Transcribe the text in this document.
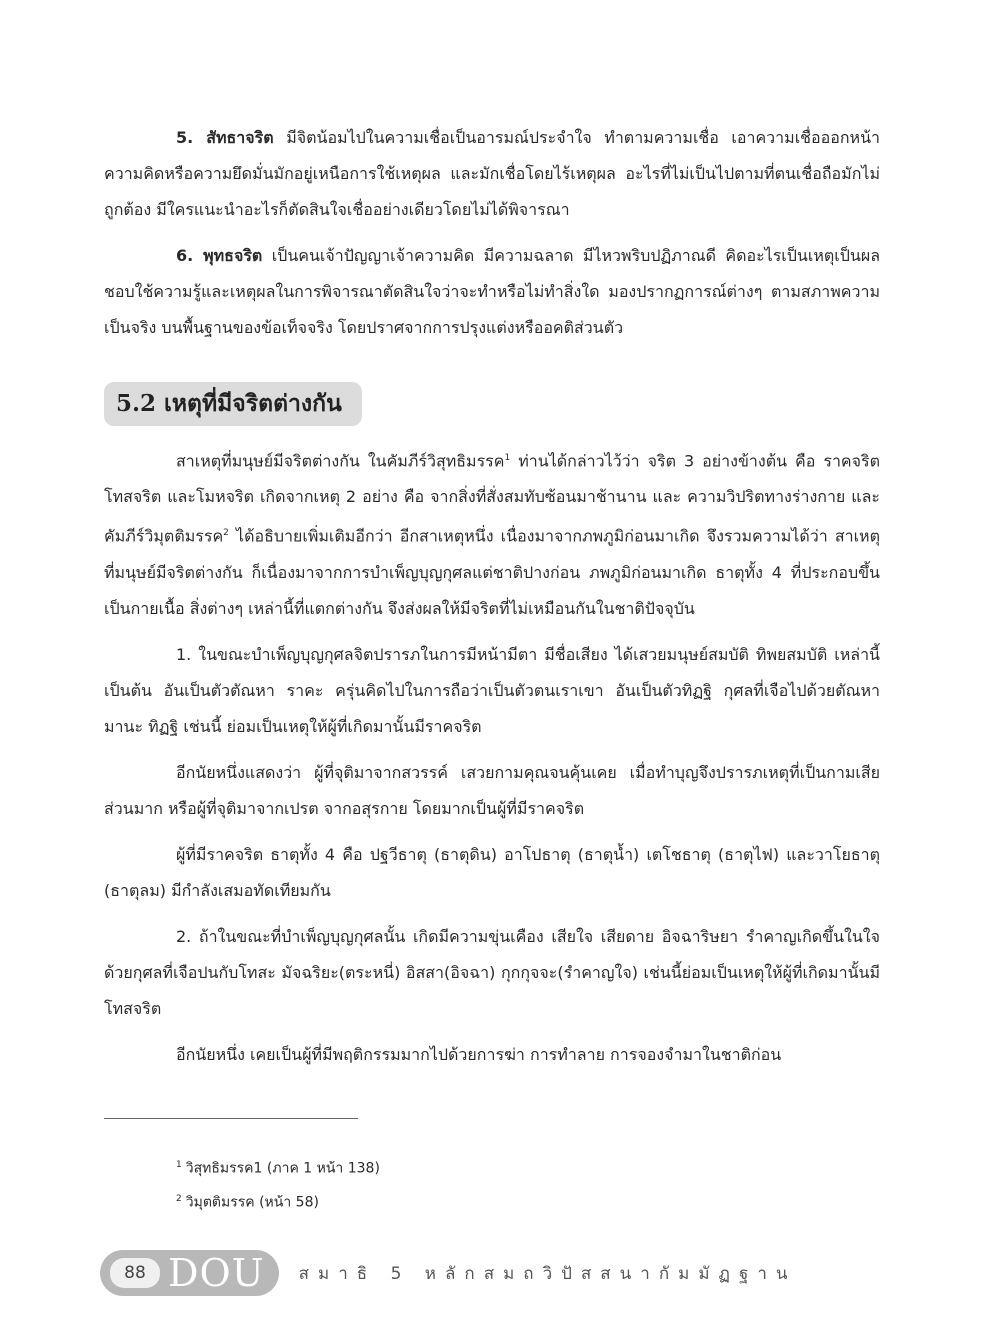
5. สัทธาจริต มีจิตน้อมไปในความเชื่อเป็นอารมณ์ประจำใจ ทำตามความเชื่อ เอาความเชื่อออกหน้า ความคิดหรือความยึดมั่นมักอยู่เหนือการใช้เหตุผล และมักเชื่อโดยไร้เหตุผล อะไรที่ไม่เป็นไปตามที่ตนเชื่อถือมักไม่ถูกต้อง มีใครแนะนำอะไรก็ตัดสินใจเชื่ออย่างเดียวโดยไม่ได้พิจารณา

6. พุทธจริต เป็นคนเจ้าปัญญาเจ้าความคิด มีความฉลาด มีไหวพริบปฏิภาณดี คิดอะไรเป็นเหตุเป็นผล ชอบใช้ความรู้และเหตุผลในการพิจารณาตัดสินใจว่าจะทำหรือไม่ทำสิ่งใด มองปรากฏการณ์ต่างๆ ตามสภาพความเป็นจริง บนพื้นฐานของข้อเท็จจริง โดยปราศจากการปรุงแต่งหรืออคติส่วนตัว

5.2 เหตุที่มีจริตต่างกัน

สาเหตุที่มนุษย์มีจริตต่างกัน ในคัมภีร์วิสุทธิมรรค$^1$ ท่านได้กล่าวไว้ว่า จริต 3 อย่างข้างต้น คือ ราคจริต โทสจริต และโมหจริต เกิดจากเหตุ 2 อย่าง คือ จากสิ่งที่สั่งสมทับซ้อนมาช้านาน และ ความวิปริตทางร่างกาย และคัมภีร์วิมุตติมรรค$^2$ ได้อธิบายเพิ่มเติมอีกว่า อีกสาเหตุหนึ่ง เนื่องมาจากภพภูมิก่อนมาเกิด จึงรวมความได้ว่า สาเหตุที่มนุษย์มีจริตต่างกัน ก็เนื่องมาจากการบำเพ็ญบุญกุศลแต่ชาติปางก่อน ภพภูมิก่อนมาเกิด ธาตุทั้ง 4 ที่ประกอบขึ้นเป็นกายเนื้อ สิ่งต่างๆ เหล่านี้ที่แตกต่างกัน จึงส่งผลให้มีจริตที่ไม่เหมือนกันในชาติปัจจุบัน

1. ในขณะบำเพ็ญบุญกุศลจิตปรารภในการมีหน้ามีตา มีชื่อเสียง ได้เสวยมนุษย์สมบัติ ทิพยสมบัติ เหล่านี้เป็นต้น อันเป็นตัวตัณหา ราคะ ครุ่นคิดไปในการถือว่าเป็นตัวตนเราเขา อันเป็นตัวทิฏฐิ กุศลที่เจือไปด้วยตัณหา มานะ ทิฏฐิ เช่นนี้ ย่อมเป็นเหตุให้ผู้ที่เกิดมานั้นมีราคจริต

อีกนัยหนึ่งแสดงว่า ผู้ที่จุติมาจากสวรรค์ เสวยกามคุณจนคุ้นเคย เมื่อทำบุญจึงปรารภเหตุที่เป็นกามเสียส่วนมาก หรือผู้ที่จุติมาจากเปรต จากอสุรกาย โดยมากเป็นผู้ที่มีราคจริต

ผู้ที่มีราคจริต ธาตุทั้ง 4 คือ ปฐวีธาตุ (ธาตุดิน) อาโปธาตุ (ธาตุน้ำ) เตโชธาตุ (ธาตุไฟ) และวาโยธาตุ (ธาตุลม) มีกำลังเสมอทัดเทียมกัน

2. ถ้าในขณะที่บำเพ็ญบุญกุศลนั้น เกิดมีความขุ่นเคือง เสียใจ เสียดาย อิจฉาริษยา รำคาญเกิดขึ้นในใจ ด้วยกุศลที่เจือปนกับโทสะ มัจฉริยะ(ตระหนี่) อิสสา(อิจฉา) กุกกุจจะ(รำคาญใจ) เช่นนี้ย่อมเป็นเหตุให้ผู้ที่เกิดมานั้นมีโทสจริต

อีกนัยหนึ่ง เคยเป็นผู้ที่มีพฤติกรรมมากไปด้วยการฆ่า การทำลาย การจองจำมาในชาติก่อน

$^1$ วิสุทธิมรรค1 (ภาค 1 หน้า 138)
$^2$ วิมุตติมรรค (หน้า 58)
88 DOU สมาธิ 5 หลักสมถวิปัสสนากัมมัฏฐาน
